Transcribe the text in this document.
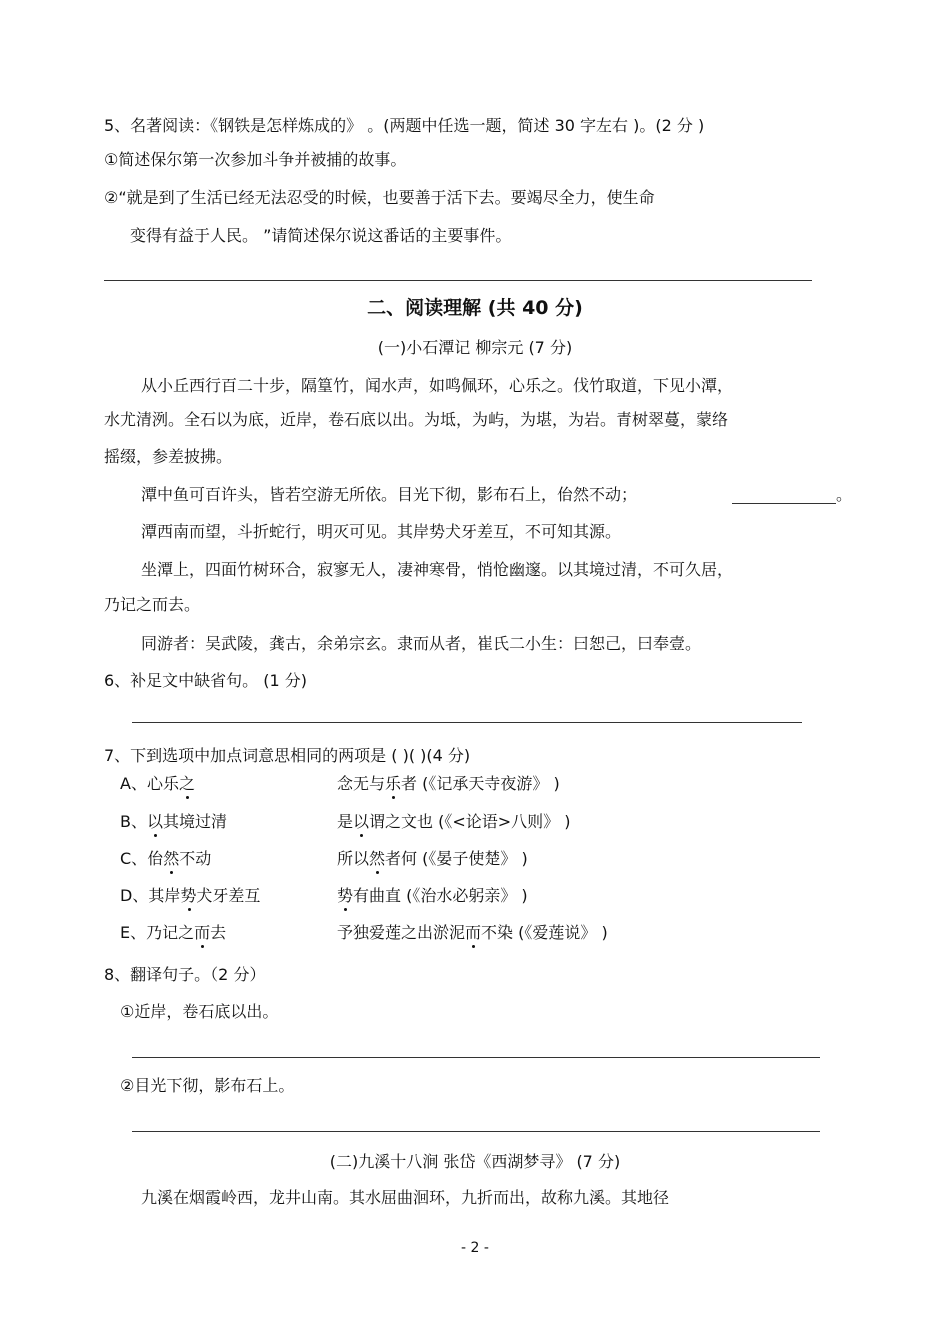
5、名著阅读：《钢铁是怎样炼成的》 。(两题中任选一题，简述 30 字左右 )。(2 分 )
①简述保尔第一次参加斗争并被捕的故事。
②“就是到了生活已经无法忍受的时候，也要善于活下去。要竭尽全力，使生命
变得有益于人民。 ”请简述保尔说这番话的主要事件。
二、阅读理解 (共 40 分)
(一)小石潭记 柳宗元 (7 分)
从小丘西行百二十步，隔篁竹，闻水声，如鸣佩环，心乐之。伐竹取道，下见小潭，
水尤清洌。全石以为底，近岸，卷石底以出。为坻，为屿，为堪，为岩。青树翠蔓，蒙络
摇缀，参差披拂。
潭中鱼可百许头，皆若空游无所依。目光下彻，影布石上，佁然不动；	。
潭西南而望，斗折蛇行，明灭可见。其岸势犬牙差互，不可知其源。
坐潭上，四面竹树环合，寂寥无人，凄神寒骨，悄怆幽邃。以其境过清，不可久居，
乃记之而去。
同游者：吴武陵，龚古，余弟宗玄。隶而从者，崔氏二小生：曰恕己，曰奉壹。
6、补足文中缺省句。 (1 分)
7、下到选项中加点词意思相同的两项是 ( )( )(4 分)
A、心乐之	念无与乐者 (《记承天寺夜游》 )
B、以其境过清	是以谓之文也 (《<论语>八则》 )
C、佁然不动	所以然者何 (《晏子使楚》 )
D、其岸势犬牙差互	势有曲直 (《治水必躬亲》 )
E、乃记之而去	予独爱莲之出淤泥而不染 (《爱莲说》 )
8、翻译句子。（2 分）
①近岸，卷石底以出。
②目光下彻，影布石上。
(二)九溪十八涧 张岱《西湖梦寻》 (7 分)
九溪在烟霞岭西，龙井山南。其水屈曲洄环，九折而出，故称九溪。其地径
- 2 -
